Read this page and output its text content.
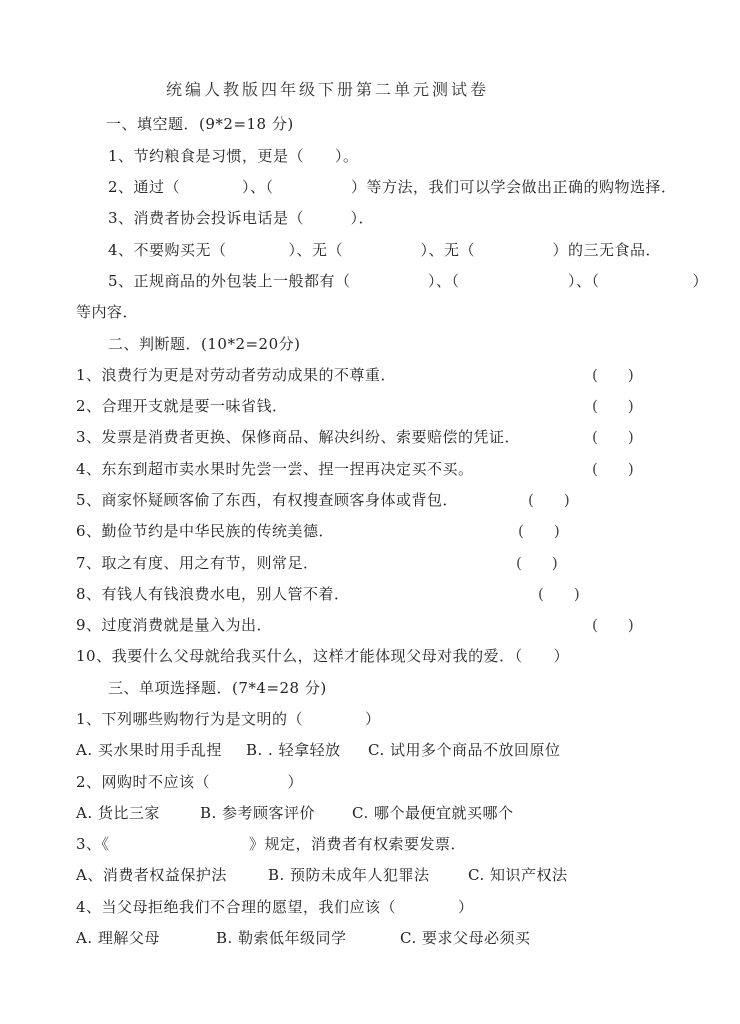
统编人教版四年级下册第二单元测试卷
一、填空题．(9*2=18 分)
1、节约粮食是习惯，更是（　　）。
2、通过（　　　　）、（　　　　　）等方法，我们可以学会做出正确的购物选择．
3、消费者协会投诉电话是（　　　）．
4、不要购买无（　　　　）、无（　　　　　）、无（　　　　　）的三无食品．
5、正规商品的外包装上一般都有（　　　　　）、（　　　　　　　）、（　　　　　　）
等内容．
二、判断题．(10*2=20分)
1、浪费行为更是对劳动者劳动成果的不尊重．	(　　)
2、合理开支就是要一味省钱．	(　　)
3、发票是消费者更换、保修商品、解决纠纷、索要赔偿的凭证．	(　　)
4、东东到超市卖水果时先尝一尝、捏一捏再决定买不买。	(　　)
5、商家怀疑顾客偷了东西，有权搜查顾客身体或背包．	(　　)
6、勤俭节约是中华民族的传统美德．	(　　)
7、取之有度、用之有节，则常足．	(　　)
8、有钱人有钱浪费水电，别人管不着．	(　　)
9、过度消费就是量入为出．	(　　)
10、我要什么父母就给我买什么，这样才能体现父母对我的爱．（　　）
三、单项选择题．(7*4=28 分)
1、下列哪些购物行为是文明的（　　　　）
A. 买水果时用手乱捏 B. . 轻拿轻放 C. 试用多个商品不放回原位
2、网购时不应该（　　　　　）
A. 货比三家	B. 参考顾客评价 C. 哪个最便宜就买哪个
3、《　　　　　　　　　》规定，消费者有权索要发票．
A、消费者权益保护法	B. 预防未成年人犯罪法	C. 知识产权法
4、当父母拒绝我们不合理的愿望，我们应该（　　　　）
A. 理解父母	B. 勒索低年级同学	C. 要求父母必须买
